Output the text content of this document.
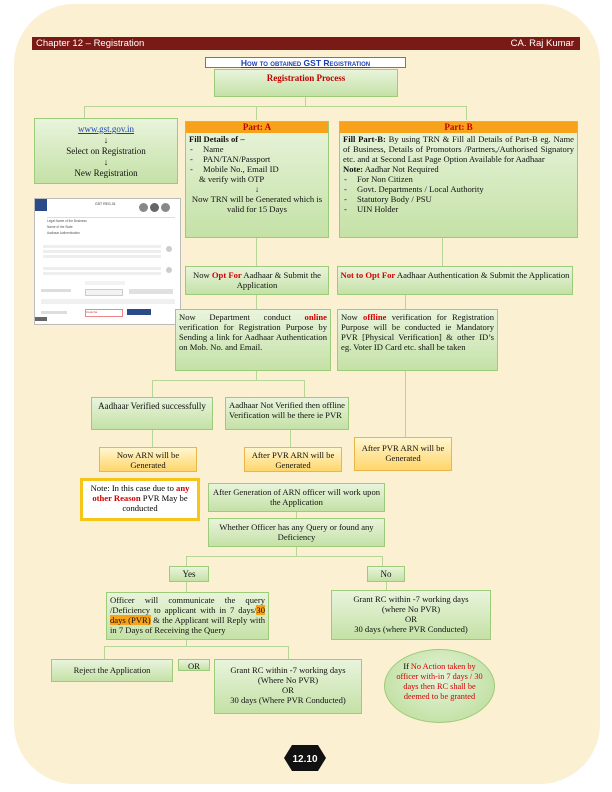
Chapter 12 – Registration	CA. Raj Kumar
How to obtained GST Registration
Registration Process
www.gst.gov.in
↓
Select on Registration
↓
New Registration
Part: A
Fill Details of –
- Name
- PAN/TAN/Passport
- Mobile No., Email ID
& verify with OTP
↓
Now TRN will be Generated which is valid for 15 Days
Part: B
Fill Part-B: By using TRN & Fill all Details of Part-B eg. Name of Business, Details of Promotors /Partners,/Authorised Signatory etc. and at Second Last Page Option Available for Aadhaar
Note: Aadhar Not Required
- For Non Citizen
- Govt. Departments / Local Authority
- Statutory Body / PSU
- UIN Holder
GST REG-01
Legal Name of the Business
Name of the State
Aadhaar Authentication
Captcha
Now Opt For Aadhaar & Submit the Application
Not to Opt For Aadhaar Authentication & Submit the Application
Now Department conduct online verification for Registration Purpose by Sending a link for Aadhaar Authentication on Mob. No. and Email.
Now offline verification for Registration Purpose will be conducted ie Mandatory PVR [Physical Verification] & other ID’s eg. Voter ID Card etc. shall be taken
Aadhaar Verified successfully	Aadhaar Not Verified then offline Verification will be there ie PVR
Now ARN will be Generated
After PVR ARN will be Generated
After PVR ARN will be Generated
Note: In this case due to any other Reason PVR May be conducted
After Generation of ARN officer will work upon the Application
Whether Officer has any Query or found any Deficiency
Yes	No
Officer will communicate the query /Deficiency to applicant with in 7 days/30 days (PVR) & the Applicant will Reply with in 7 Days of Receiving the Query
Grant RC within -7 working days
(where No PVR)
OR
30 days (where PVR Conducted)
Reject the Application	OR	Grant RC within -7 working days
(Where No PVR)
OR
30 days (Where PVR Conducted)
If No Action taken by officer with-in 7 days / 30 days then RC shall be deemed to be granted
12.10
